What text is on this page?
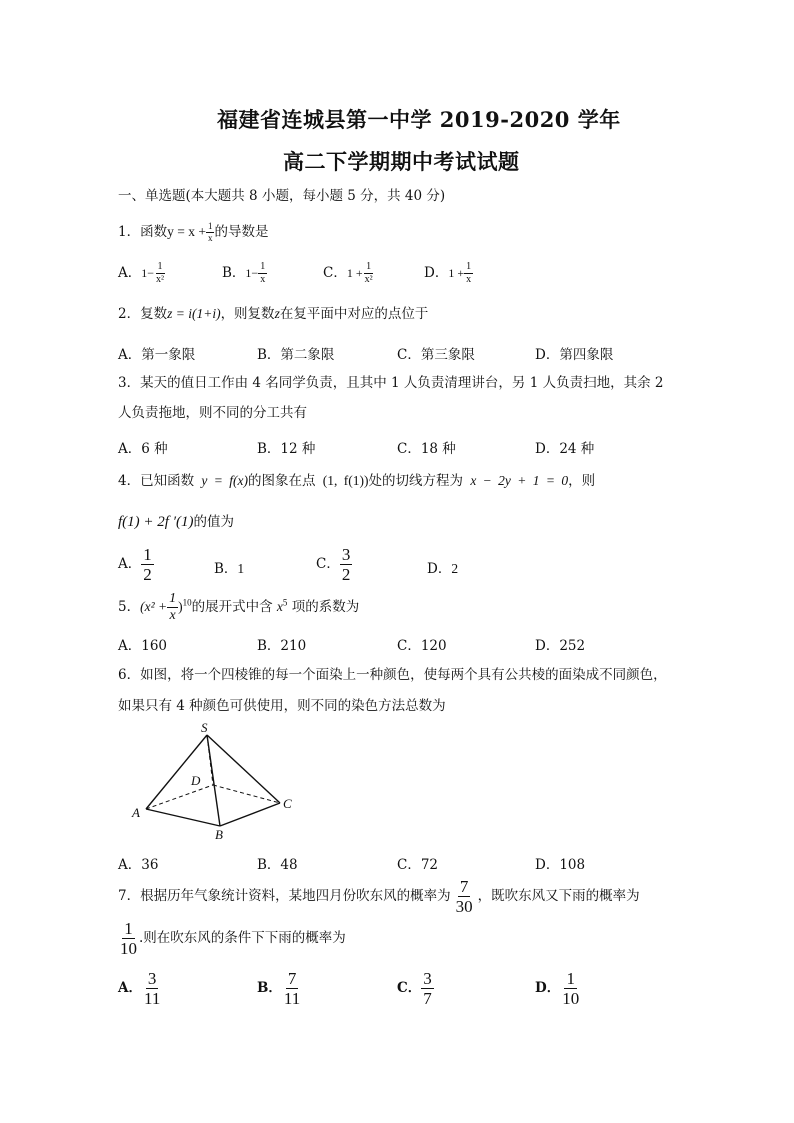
福建省连城县第一中学 2019-2020 学年
高二下学期期中考试试题
一、单选题(本大题共 8 小题，每小题 5 分，共 40 分)
1．函数$y = x + \frac{1}{x}$ 的导数是
A．$1- \frac{1}{\text{x²}}$	B．$1- \frac{1}{x}$	C．$1 + \frac{1}{\text{x²}}$	D．$1 + \frac{1}{x}$
2．复数z = i(1+i)，则复数z在复平面中对应的点位于
A．第一象限	B．第二象限	C．第三象限	D．第四象限
3．某天的值日工作由 4 名同学负责，且其中 1 人负责清理讲台，另 1 人负责扫地，其余 2
人负责拖地，则不同的分工共有
A．6 种	B．12 种	C．18 种	D．24 种
4．已知函数 y = f(x)的图象在点 (1, f(1))处的切线方程为 x − 2y + 1 = 0，则
f(1) + 2f ′(1)的值为
A． $\frac{1}{2}$	B．1	C． $\frac{3}{2}$	D．2
5．$(x^2 + \frac{1}{x} )^{10}$的展开式中含 $x^5$ 项的系数为
A．160	B．210	C．120	D．252
6．如图，将一个四棱锥的每一个面染上一种颜色，使每两个具有公共棱的面染成不同颜色，
如果只有 4 种颜色可供使用，则不同的染色方法总数为
S
D
A
B
C
A．36	B．48	C．72	D．108
7．根据历年气象统计资料，某地四月份吹东风的概率为 $\frac{7}{30}$ ，既吹东风又下雨的概率为
$\frac{1}{10}$ .则在吹东风的条件下下雨的概率为
A． $\frac{3}{11}$	B． $\frac{7}{11}$	C． $\frac{3}{7}$	D． $\frac{1}{10}$
